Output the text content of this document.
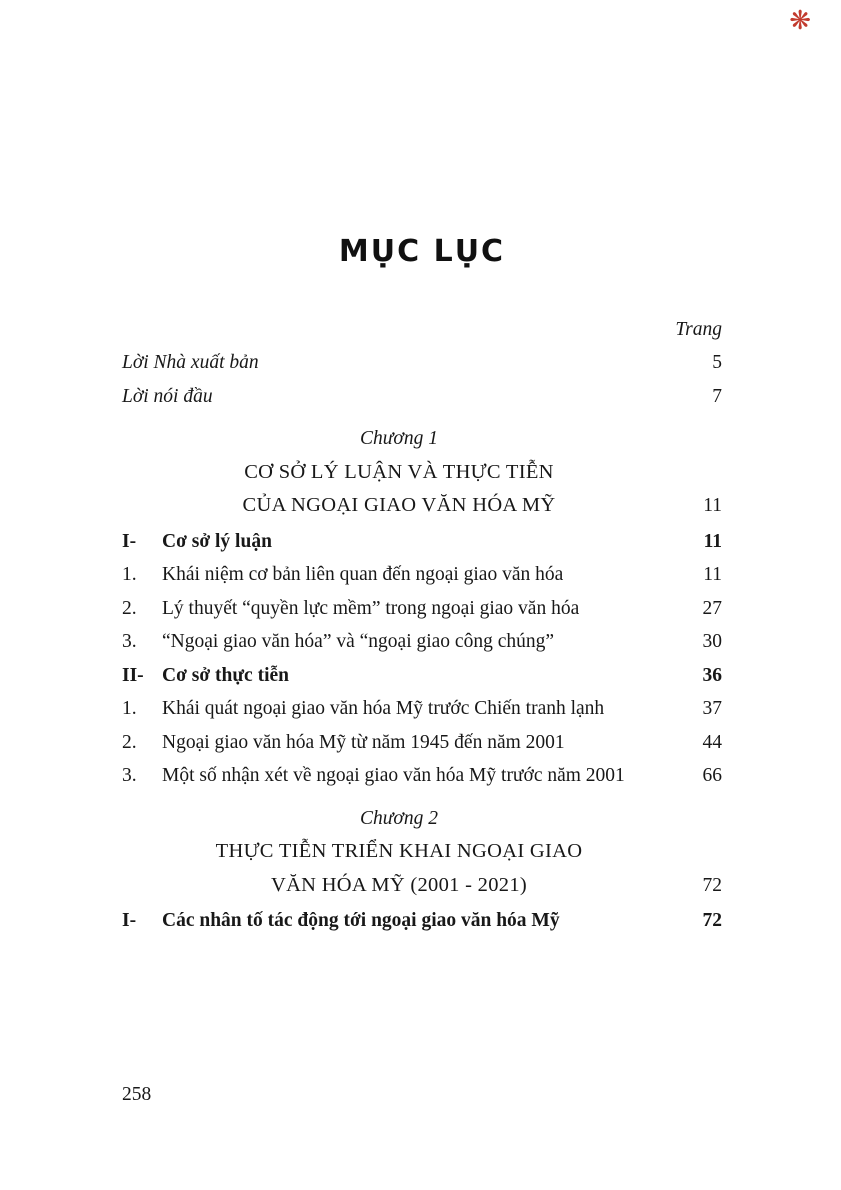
❋
MỤC LỤC
Trang
Lời Nhà xuất bản	5
Lời nói đầu	7
Chương 1
CƠ SỞ LÝ LUẬN VÀ THỰC TIỄN
CỦA NGOẠI GIAO VĂN HÓA MỸ	11
I-	Cơ sở lý luận	11
1.	Khái niệm cơ bản liên quan đến ngoại giao văn hóa	11
2.	Lý thuyết “quyền lực mềm” trong ngoại giao văn hóa	27
3.	“Ngoại giao văn hóa” và “ngoại giao công chúng”	30
II- Cơ sở thực tiễn	36
1.	Khái quát ngoại giao văn hóa Mỹ trước Chiến tranh lạnh	37
2.	Ngoại giao văn hóa Mỹ từ năm 1945 đến năm 2001	44
3.	Một số nhận xét về ngoại giao văn hóa Mỹ trước năm 2001	66
Chương 2
THỰC TIỄN TRIỂN KHAI NGOẠI GIAO
VĂN HÓA MỸ (2001 - 2021)	72
I-	Các nhân tố tác động tới ngoại giao văn hóa Mỹ	72
258
